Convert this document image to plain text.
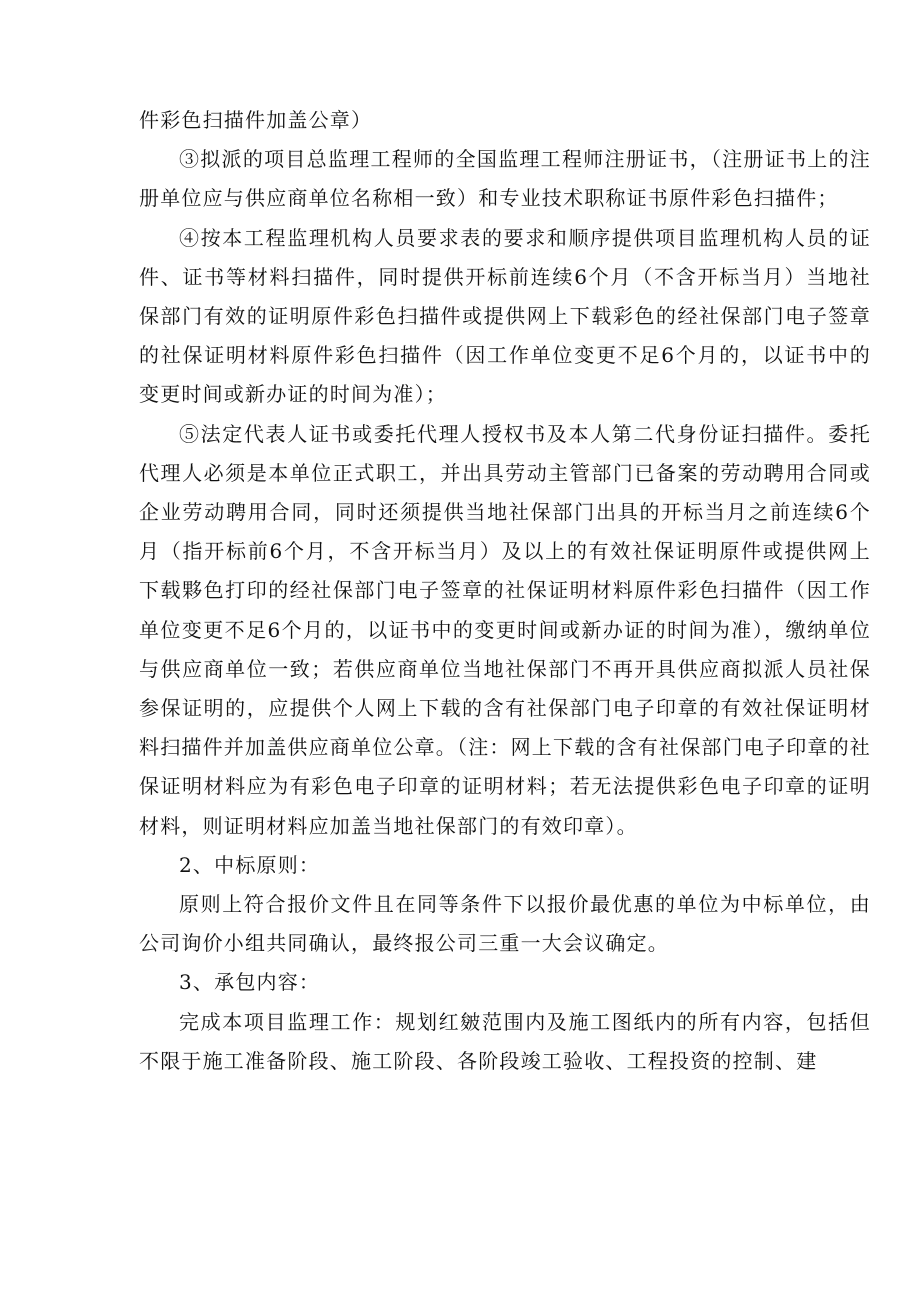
件彩色扫描件加盖公章）

③拟派的项目总监理工程师的全国监理工程师注册证书，（注册证书上的注册单位应与供应商单位名称相一致）和专业技术职称证书原件彩色扫描件；

④按本工程监理机构人员要求表的要求和顺序提供项目监理机构人员的证件、证书等材料扫描件，同时提供开标前连续6个月（不含开标当月）当地社保部门有效的证明原件彩色扫描件或提供网上下载彩色的经社保部门电子签章的社保证明材料原件彩色扫描件（因工作单位变更不足6个月的，以证书中的变更时间或新办证的时间为准）；

⑤法定代表人证书或委托代理人授权书及本人第二代身份证扫描件。委托代理人必须是本单位正式职工，并出具劳动主管部门已备案的劳动聘用合同或企业劳动聘用合同，同时还须提供当地社保部门出具的开标当月之前连续6个月（指开标前6个月，不含开标当月）及以上的有效社保证明原件或提供网上下载夥色打印的经社保部门电子签章的社保证明材料原件彩色扫描件（因工作单位变更不足6个月的，以证书中的变更时间或新办证的时间为准），缴纳单位与供应商单位一致；若供应商单位当地社保部门不再开具供应商拟派人员社保参保证明的，应提供个人网上下载的含有社保部门电子印章的有效社保证明材料扫描件并加盖供应商单位公章。（注：网上下载的含有社保部门电子印章的社保证明材料应为有彩色电子印章的证明材料；若无法提供彩色电子印章的证明材料，则证明材料应加盖当地社保部门的有效印章）。

2、中标原则：

原则上符合报价文件且在同等条件下以报价最优惠的单位为中标单位，由公司询价小组共同确认，最终报公司三重一大会议确定。

3、承包内容：

完成本项目监理工作：规划红皴范围内及施工图纸内的所有内容，包括但不限于施工准备阶段、施工阶段、各阶段竣工验收、工程投资的控制、建
